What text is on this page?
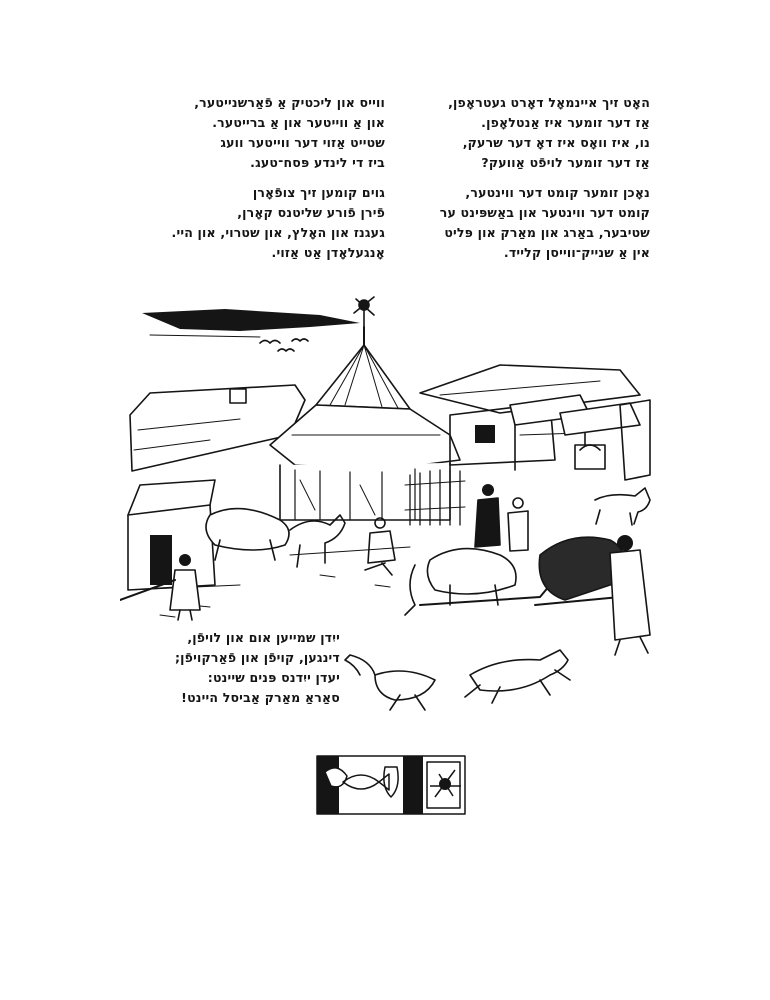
האָט זיך איינמאָל דאָרט געטראָפן,
אַז דער זומער איז אַנטלאָפן.
נו, איז וואָס איז דאָ דער שרעק,
אַז דער זומער לויפֿט אַוועק?
נאָכן זומער קומט דער ווינטער,
קומט דער ווינטער און באַשפּינט ער
שטיבער, באַרג און מאַרק און פּליט
אין אַ שנייק־ווייסן קלייד.
ווייס און ליכטיק אַ פֿאַרשנייטער,
און אַ ווייטער און אַ ברייטער.
שטייט אַזוי דער ווייטער וועג
ביז די לינדע פּסח־טעג.
גוים קומען זיך צופֿאָרן
פֿירן פֿורע שליטנס קאָרן,
געגנז און האָלץ, און שטרוי, און היי.
אָנגעלאָדן אַט אַזוי.
ייִדן שמייען אום און לויפֿן,
דינגען, קויפֿן און פֿאַרקויפֿן;
יעדן ייִדנס פּנים שיינט:
סאַראַ מאַרק אַביסל היינט!
